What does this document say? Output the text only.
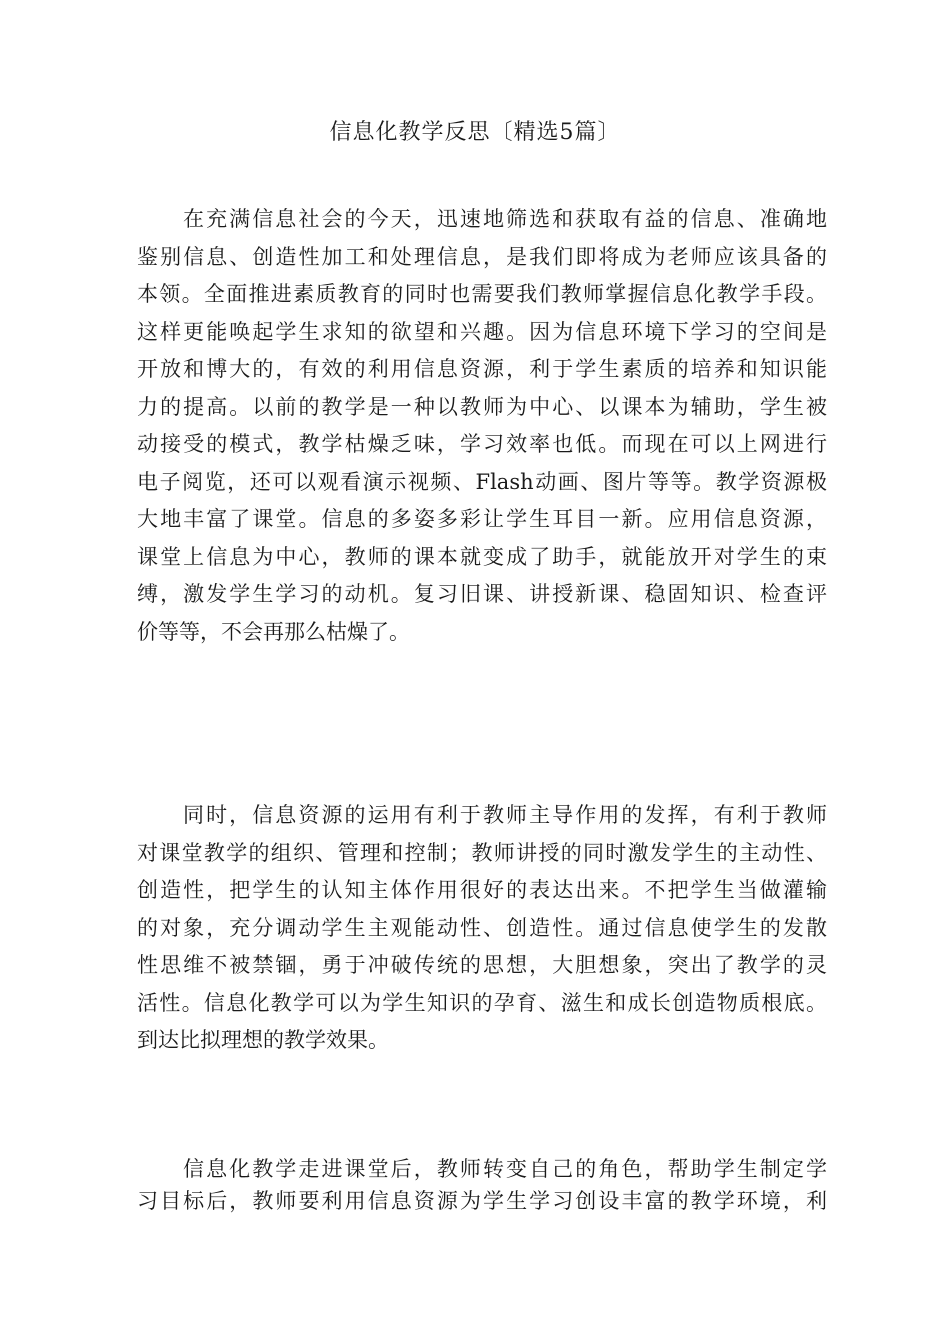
信息化教学反思〔精选5篇〕
在充满信息社会的今天，迅速地筛选和获取有益的信息、准确地
鉴别信息、创造性加工和处理信息，是我们即将成为老师应该具备的
本领。全面推进素质教育的同时也需要我们教师掌握信息化教学手段。
这样更能唤起学生求知的欲望和兴趣。因为信息环境下学习的空间是
开放和博大的，有效的利用信息资源，利于学生素质的培养和知识能
力的提高。以前的教学是一种以教师为中心、以课本为辅助，学生被
动接受的模式，教学枯燥乏味，学习效率也低。而现在可以上网进行
电子阅览，还可以观看演示视频、Flash动画、图片等等。教学资源极
大地丰富了课堂。信息的多姿多彩让学生耳目一新。应用信息资源，
课堂上信息为中心，教师的课本就变成了助手，就能放开对学生的束
缚，激发学生学习的动机。复习旧课、讲授新课、稳固知识、检查评
价等等，不会再那么枯燥了。
同时，信息资源的运用有利于教师主导作用的发挥，有利于教师
对课堂教学的组织、管理和控制；教师讲授的同时激发学生的主动性、
创造性，把学生的认知主体作用很好的表达出来。不把学生当做灌输
的对象，充分调动学生主观能动性、创造性。通过信息使学生的发散
性思维不被禁锢，勇于冲破传统的思想，大胆想象，突出了教学的灵
活性。信息化教学可以为学生知识的孕育、滋生和成长创造物质根底。
到达比拟理想的教学效果。
信息化教学走进课堂后，教师转变自己的角色，帮助学生制定学
习目标后，教师要利用信息资源为学生学习创设丰富的教学环境，利
